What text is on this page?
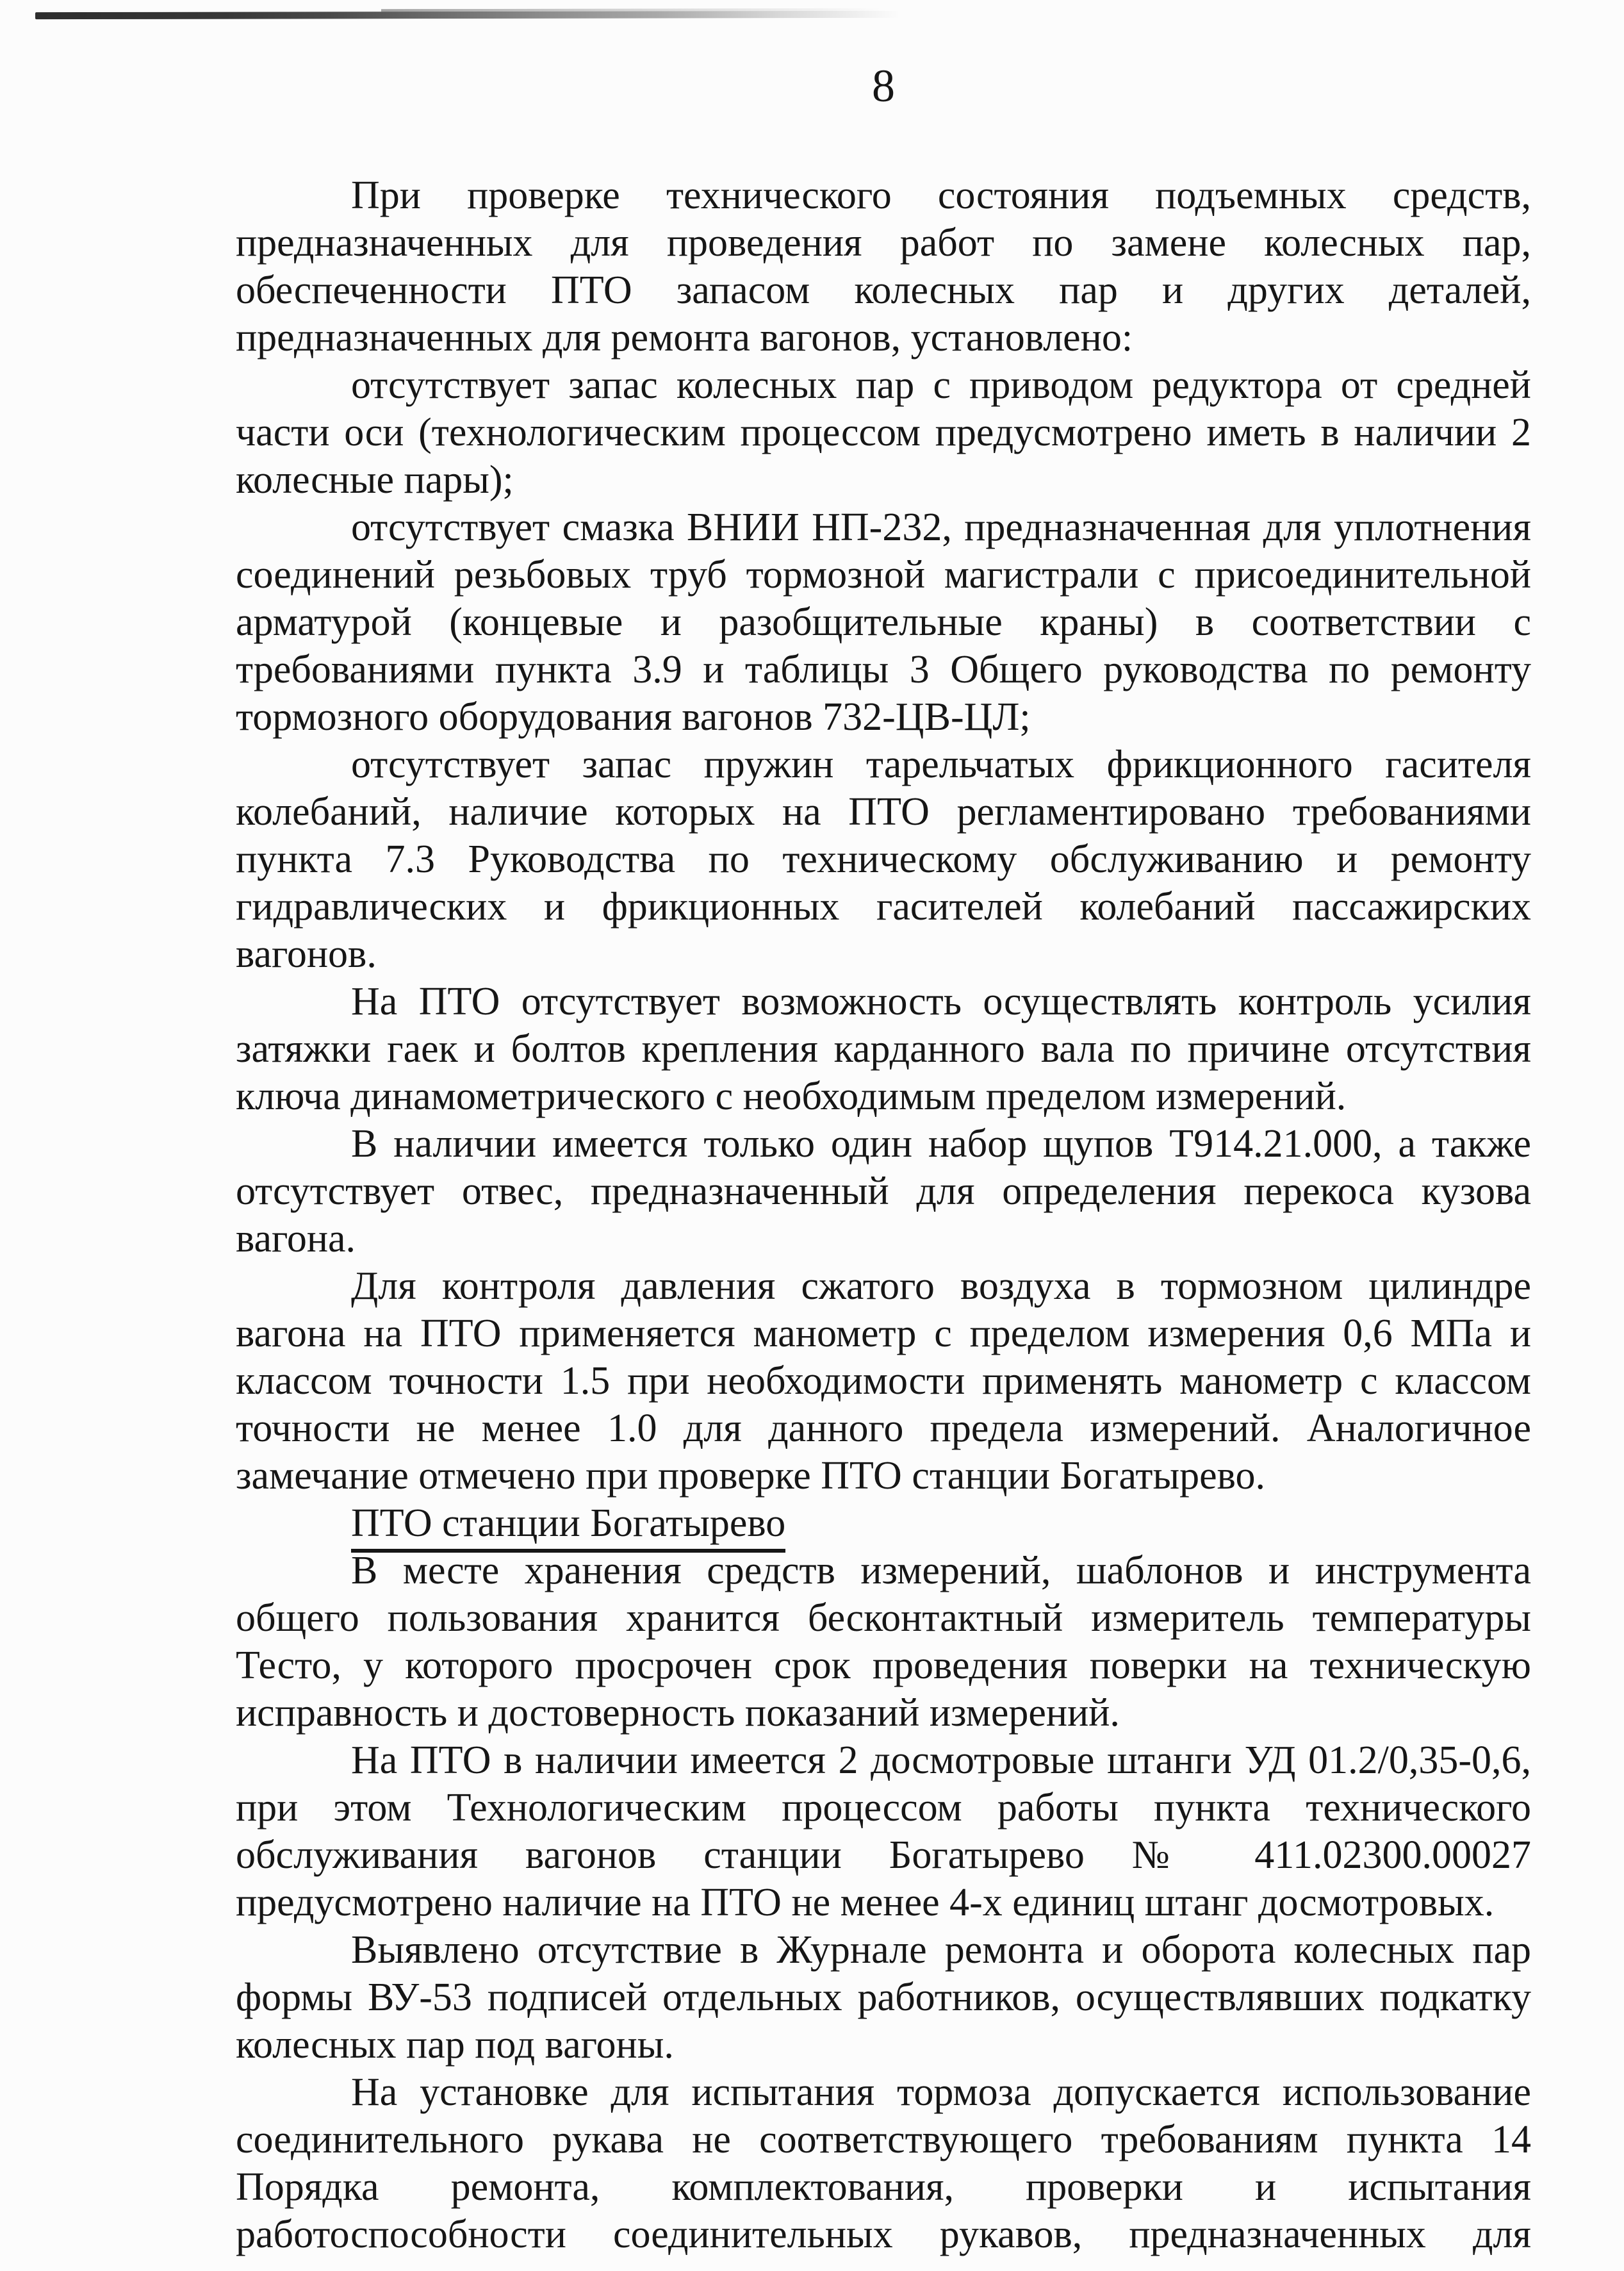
8

При проверке технического состояния подъемных средств, предназначенных для проведения работ по замене колесных пар, обеспеченности ПТО запасом колесных пар и других деталей, предназначенных для ремонта вагонов, установлено:

отсутствует запас колесных пар с приводом редуктора от средней части оси (технологическим процессом предусмотрено иметь в наличии 2 колесные пары);

отсутствует смазка ВНИИ НП-232, предназначенная для уплотнения соединений резьбовых труб тормозной магистрали с присоединительной арматурой (концевые и разобщительные краны) в соответствии с требованиями пункта 3.9 и таблицы 3 Общего руководства по ремонту тормозного оборудования вагонов 732-ЦВ-ЦЛ;

отсутствует запас пружин тарельчатых фрикционного гасителя колебаний, наличие которых на ПТО регламентировано требованиями пункта 7.3 Руководства по техническому обслуживанию и ремонту гидравлических и фрикционных гасителей колебаний пассажирских вагонов.

На ПТО отсутствует возможность осуществлять контроль усилия затяжки гаек и болтов крепления карданного вала по причине отсутствия ключа динамометрического с необходимым пределом измерений.

В наличии имеется только один набор щупов Т914.21.000, а также отсутствует отвес, предназначенный для определения перекоса кузова вагона.

Для контроля давления сжатого воздуха в тормозном цилиндре вагона на ПТО применяется манометр с пределом измерения 0,6 МПа и классом точности 1.5 при необходимости применять манометр с классом точности не менее 1.0 для данного предела измерений. Аналогичное замечание отмечено при проверке ПТО станции Богатырево.

ПТО станции Богатырево

В месте хранения средств измерений, шаблонов и инструмента общего пользования хранится бесконтактный измеритель температуры Тесто, у которого просрочен срок проведения поверки на техническую исправность и достоверность показаний измерений.

На ПТО в наличии имеется 2 досмотровые штанги УД 01.2/0,35-0,6, при этом Технологическим процессом работы пункта технического обслуживания вагонов станции Богатырево № 411.02300.00027 предусмотрено наличие на ПТО не менее 4-х единиц штанг досмотровых.

Выявлено отсутствие в Журнале ремонта и оборота колесных пар формы ВУ-53 подписей отдельных работников, осуществлявших подкатку колесных пар под вагоны.

На установке для испытания тормоза допускается использование соединительного рукава не соответствующего требованиям пункта 14 Порядка ремонта, комплектования, проверки и испытания работоспособности соединительных рукавов, предназначенных для
